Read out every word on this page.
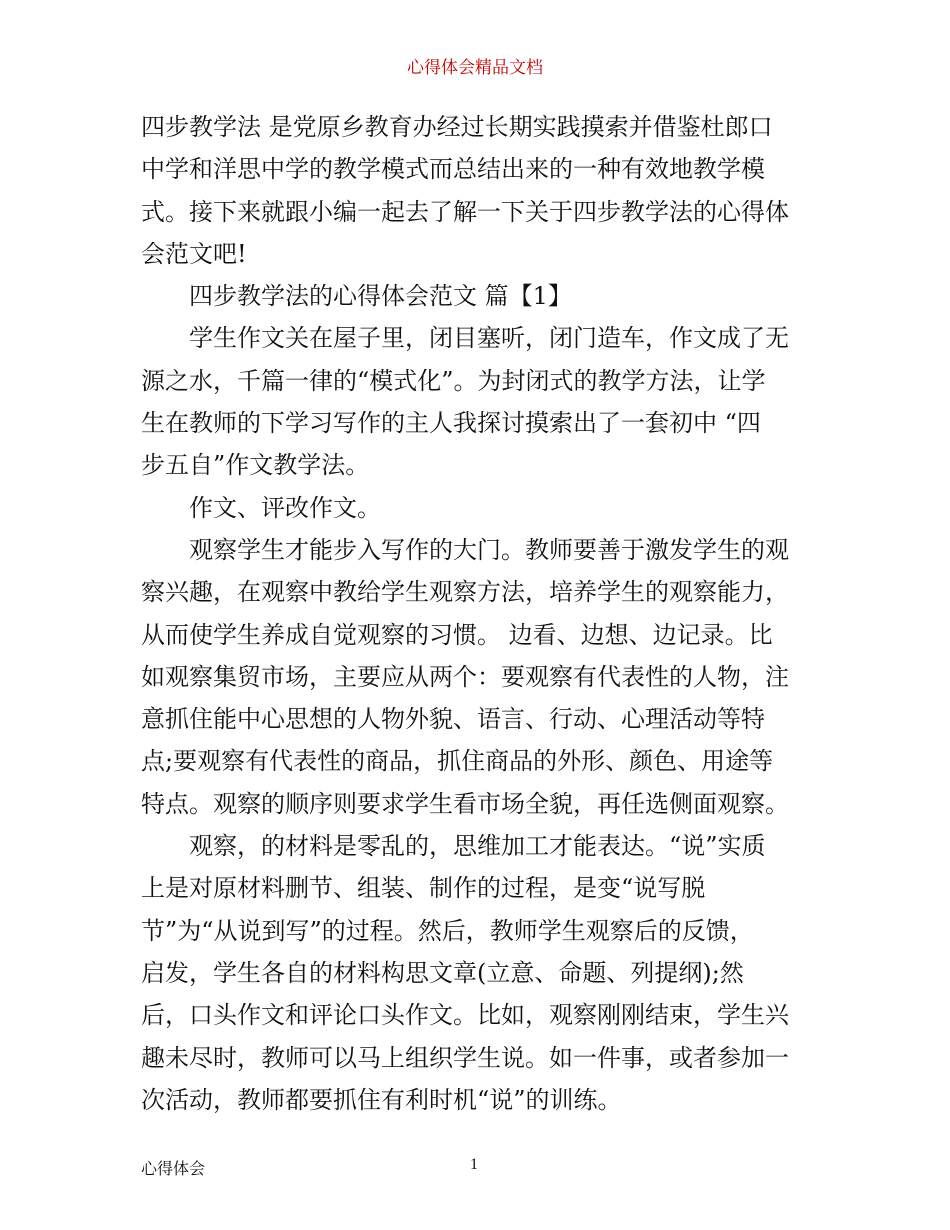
心得体会精品文档
四步教学法 是党原乡教育办经过长期实践摸索并借鉴杜郎口
中学和洋思中学的教学模式而总结出来的一种有效地教学模
式。接下来就跟小编一起去了解一下关于四步教学法的心得体
会范文吧!
四步教学法的心得体会范文 篇【1】
学生作文关在屋子里，闭目塞听，闭门造车，作文成了无
源之水，千篇一律的“模式化”。为封闭式的教学方法，让学
生在教师的下学习写作的主人我探讨摸索出了一套初中 “四
步五自”作文教学法。
作文、评改作文。
观察学生才能步入写作的大门。教师要善于激发学生的观
察兴趣，在观察中教给学生观察方法，培养学生的观察能力，
从而使学生养成自觉观察的习惯。 边看、边想、边记录。比
如观察集贸市场，主要应从两个：要观察有代表性的人物，注
意抓住能中心思想的人物外貌、语言、行动、心理活动等特
点;要观察有代表性的商品，抓住商品的外形、颜色、用途等
特点。观察的顺序则要求学生看市场全貌，再任选侧面观察。
观察，的材料是零乱的，思维加工才能表达。“说”实质
上是对原材料删节、组装、制作的过程，是变“说写脱
节”为“从说到写”的过程。然后，教师学生观察后的反馈，
启发，学生各自的材料构思文章(立意、命题、列提纲);然
后，口头作文和评论口头作文。比如，观察刚刚结束，学生兴
趣未尽时，教师可以马上组织学生说。如一件事，或者参加一
次活动，教师都要抓住有利时机“说”的训练。
心得体会	1
